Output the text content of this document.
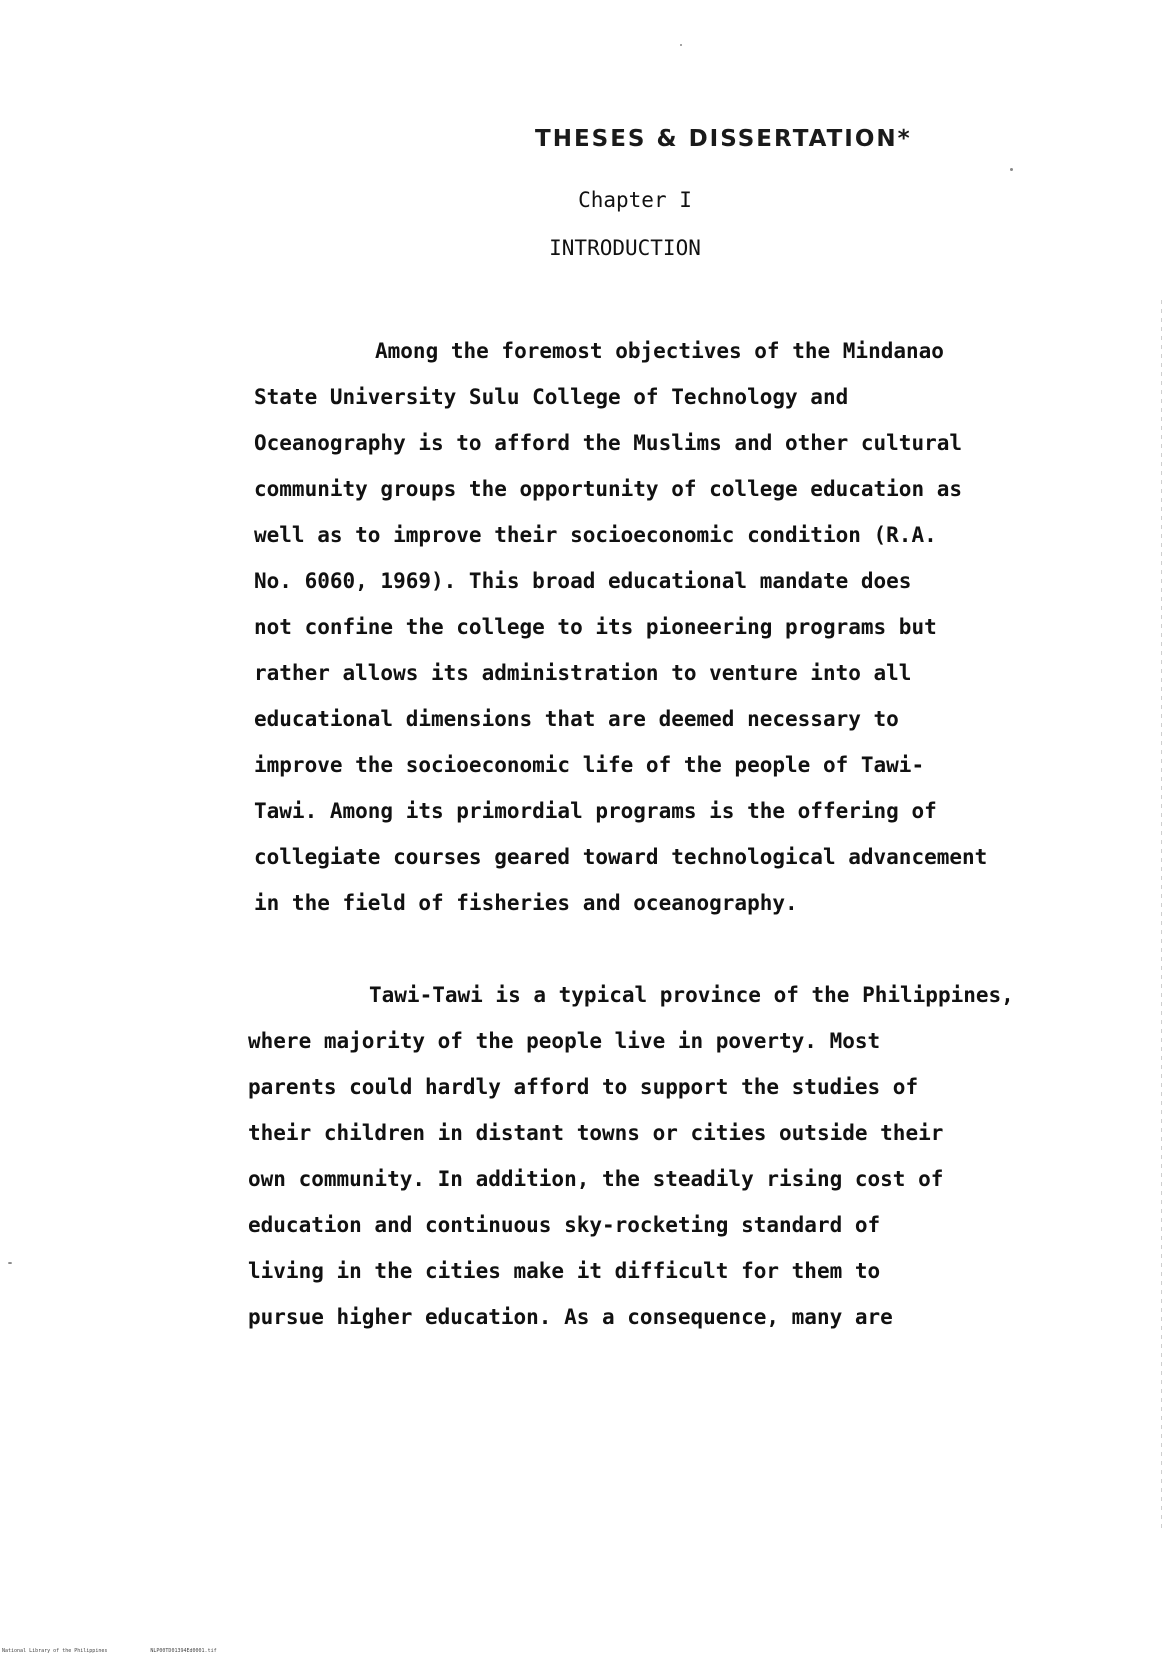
THESES & DISSERTATION*
Chapter I
INTRODUCTION
Among the foremost objectives of the Mindanao
State University Sulu College of Technology and
Oceanography is to afford the Muslims and other cultural
community groups the opportunity of college education as
well as to improve their socioeconomic condition (R.A.
No. 6060, 1969). This broad educational mandate does
not confine the college to its pioneering programs but
rather allows its administration to venture into all
educational dimensions that are deemed necessary to
improve the socioeconomic life of the people of Tawi-
Tawi. Among its primordial programs is the offering of
collegiate courses geared toward technological advancement
in the field of fisheries and oceanography.
Tawi-Tawi is a typical province of the Philippines,
where majority of the people live in poverty. Most
parents could hardly afford to support the studies of
their children in distant towns or cities outside their
own community. In addition, the steadily rising cost of
education and continuous sky-rocketing standard of
living in the cities make it difficult for them to
pursue higher education. As a consequence, many are
National Library of the Philippines	NLP00TD01394Ed0001.tif
